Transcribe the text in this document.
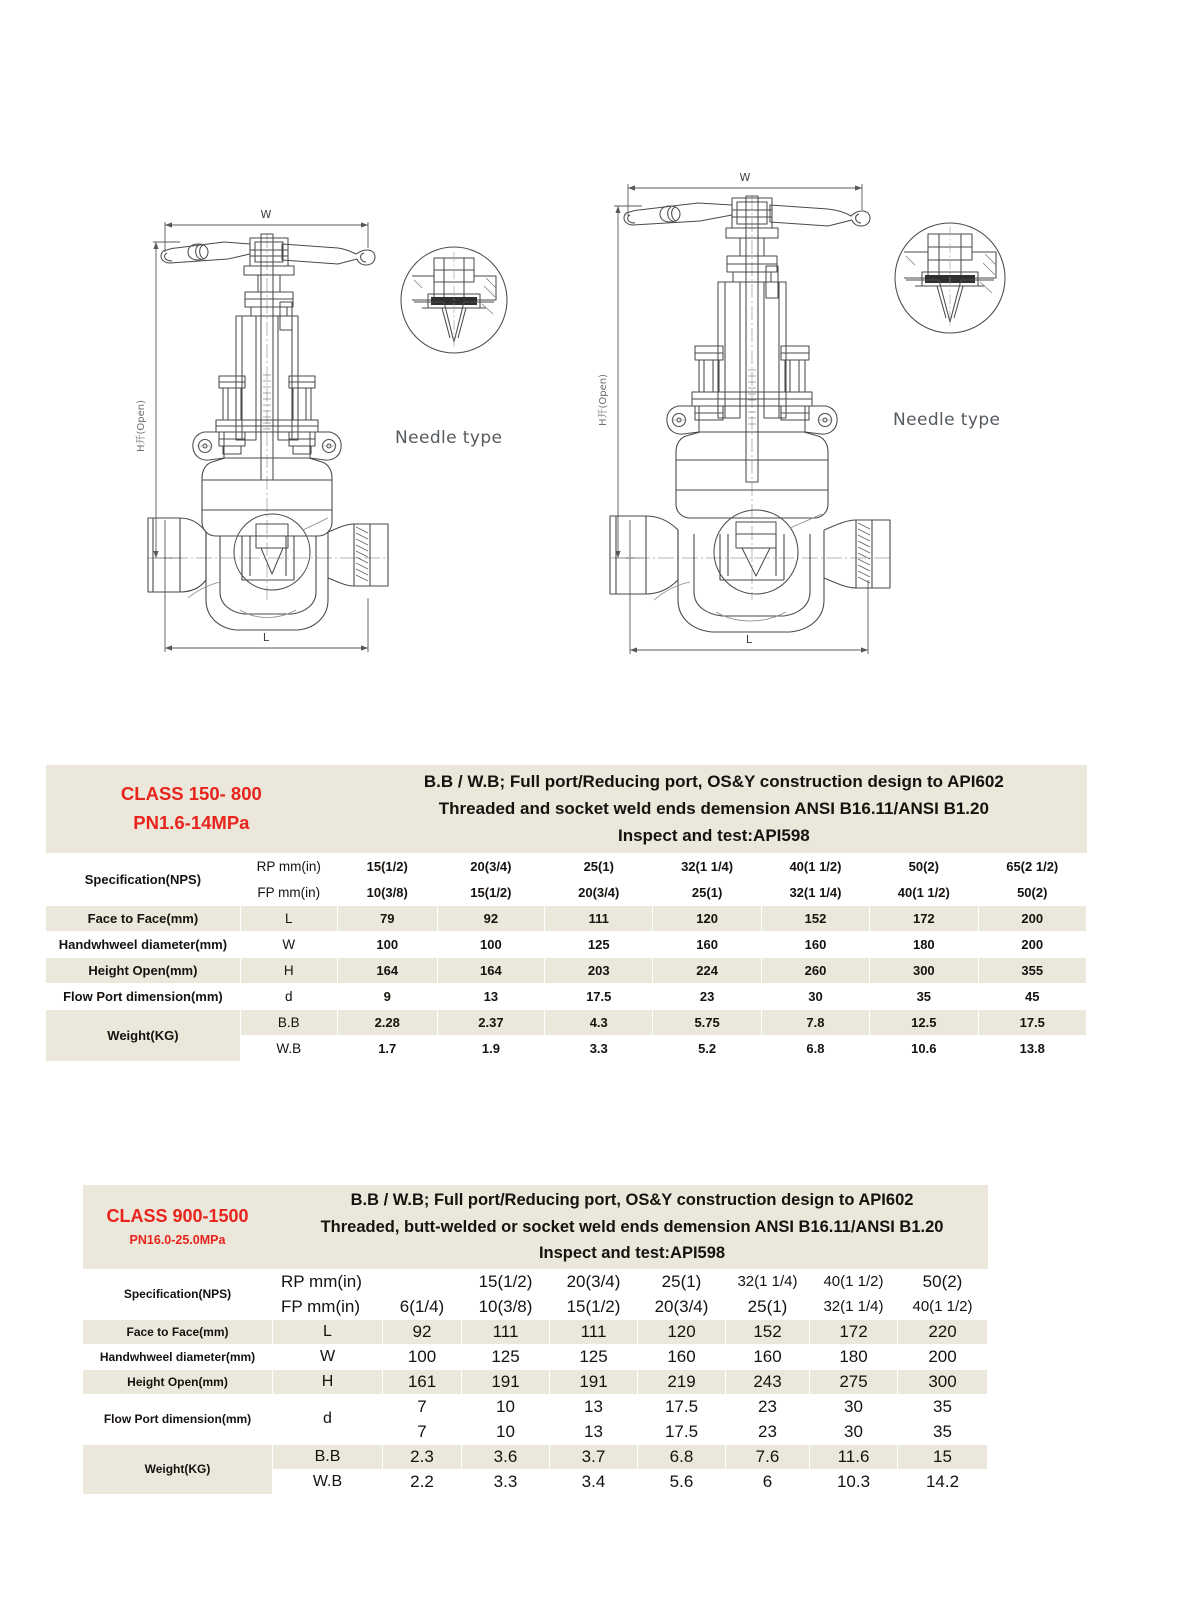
W
H开(Open)
L
Needle type
W
H开(Open)
L
Needle type
CLASS 150- 800
PN1.6-14MPa

B.B / W.B; Full port/Reducing port, OS&Y construction design to API602
Threaded and socket weld ends demension ANSI B16.11/ANSI B1.20
Inspect and test:API598

Specification(NPS)	RP mm(in)	15(1/2)	20(3/4)	25(1)	32(1 1/4)	40(1 1/2)	50(2)	65(2 1/2)
	FP mm(in)	10(3/8)	15(1/2)	20(3/4)	25(1)	32(1 1/4)	40(1 1/2)	50(2)
Face to Face(mm)	L	79	92	111	120	152	172	200
Handwhweel diameter(mm)	W	100	100	125	160	160	180	200
Height Open(mm)	H	164	164	203	224	260	300	355
Flow Port dimension(mm)	d	9	13	17.5	23	30	35	45
Weight(KG)	B.B	2.28	2.37	4.3	5.75	7.8	12.5	17.5
	W.B	1.7	1.9	3.3	5.2	6.8	10.6	13.8
CLASS 900-1500
PN16.0-25.0MPa

B.B / W.B; Full port/Reducing port, OS&Y construction design to API602
Threaded, butt-welded or socket weld ends demension ANSI B16.11/ANSI B1.20
Inspect and test:API598

Specification(NPS)	RP mm(in)		15(1/2)	20(3/4)	25(1)	32(1 1/4)	40(1 1/2)	50(2)
	FP mm(in)	6(1/4)	10(3/8)	15(1/2)	20(3/4)	25(1)	32(1 1/4)	40(1 1/2)
Face to Face(mm)	L	92	111	111	120	152	172	220
Handwhweel diameter(mm)	W	100	125	125	160	160	180	200
Height Open(mm)	H	161	191	191	219	243	275	300
Flow Port dimension(mm)	d	7	10	13	17.5	23	30	35
		7	10	13	17.5	23	30	35
Weight(KG)	B.B	2.3	3.6	3.7	6.8	7.6	11.6	15
	W.B	2.2	3.3	3.4	5.6	6	10.3	14.2
